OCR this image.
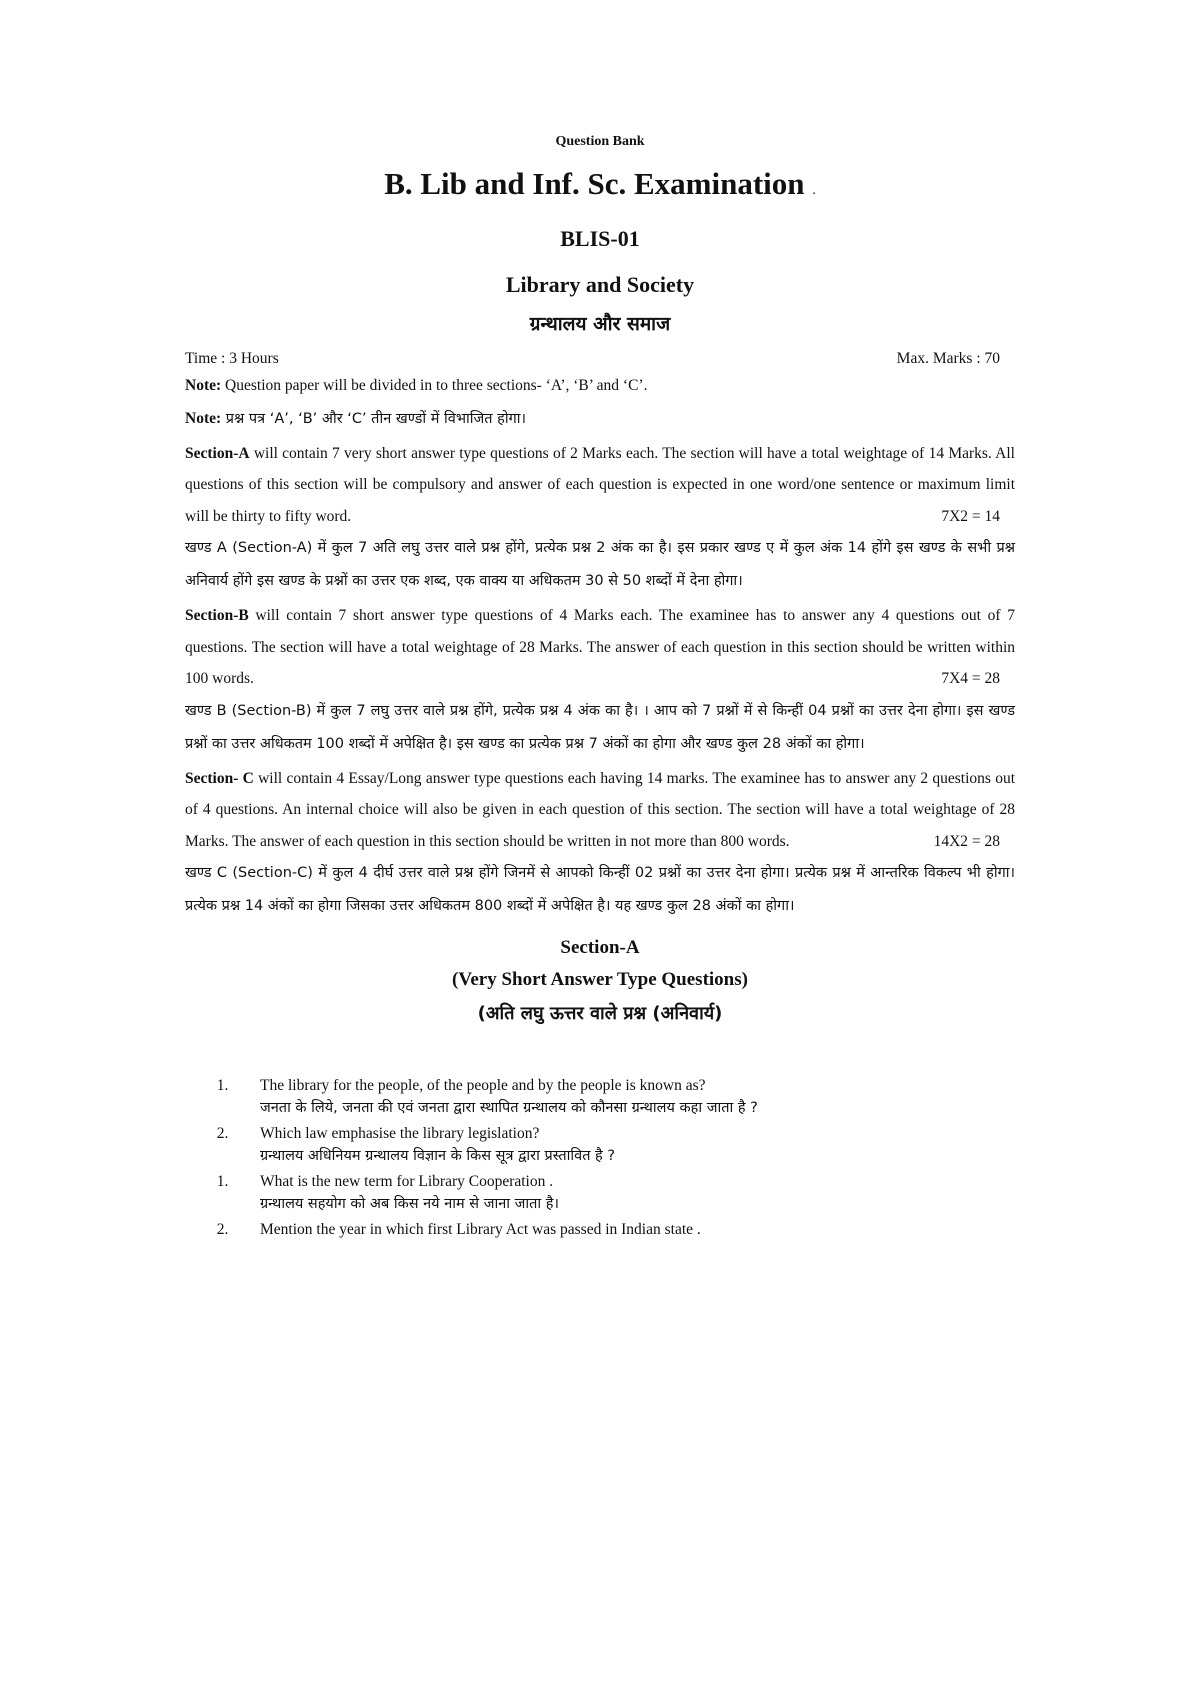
Question Bank
B. Lib and Inf. Sc. Examination .
BLIS-01
Library and Society
ग्रन्थालय और समाज
Time : 3 Hours	Max. Marks : 70
Note: Question paper will be divided in to three sections- ‘A’, ‘B’ and ‘C’.
Note: प्रश्न पत्र ‘A’, ‘B’ और ‘C’ तीन खण्डों में विभाजित होगा।
Section-A will contain 7 very short answer type questions of 2 Marks each. The section will have a total weightage of 14 Marks. All questions of this section will be compulsory and answer of each question is expected in one word/one sentence or maximum limit will be thirty to fifty word.	7X2 = 14
खण्ड A (Section-A) में कुल 7 अति लघु उत्तर वाले प्रश्न होंगे, प्रत्येक प्रश्न 2 अंक का है। इस प्रकार खण्ड ए में कुल अंक 14 होंगे इस खण्ड के सभी प्रश्न अनिवार्य होंगे इस खण्ड के प्रश्नों का उत्तर एक शब्द, एक वाक्य या अधिकतम 30 से 50 शब्दों में देना होगा।
Section-B will contain 7 short answer type questions of 4 Marks each. The examinee has to answer any 4 questions out of 7 questions. The section will have a total weightage of 28 Marks. The answer of each question in this section should be written within 100 words.	7X4 = 28
खण्ड B (Section-B) में कुल 7 लघु उत्तर वाले प्रश्न होंगे, प्रत्येक प्रश्न 4 अंक का है। । आप को 7 प्रश्नों में से किन्हीं 04 प्रश्नों का उत्तर देना होगा। इस खण्ड प्रश्नों का उत्तर अधिकतम 100 शब्दों में अपेक्षित है। इस खण्ड का प्रत्येक प्रश्न 7 अंकों का होगा और खण्ड कुल 28 अंकों का होगा।
Section- C will contain 4 Essay/Long answer type questions each having 14 marks. The examinee has to answer any 2 questions out of 4 questions. An internal choice will also be given in each question of this section. The section will have a total weightage of 28 Marks. The answer of each question in this section should be written in not more than 800 words.	14X2 = 28
खण्ड C (Section-C) में कुल 4 दीर्घ उत्तर वाले प्रश्न होंगे जिनमें से आपको किन्हीं 02 प्रश्नों का उत्तर देना होगा। प्रत्येक प्रश्न में आन्तरिक विकल्प भी होगा। प्रत्येक प्रश्न 14 अंकों का होगा जिसका उत्तर अधिकतम 800 शब्दों में अपेक्षित है। यह खण्ड कुल 28 अंकों का होगा।
Section-A
(Very Short Answer Type Questions)
(अति लघु ऊत्तर वाले प्रश्न (अनिवार्य)
1.	The library for the people, of the people and by the people is known as?
जनता के लिये, जनता की एवं जनता द्वारा स्थापित ग्रन्थालय को कौनसा ग्रन्थालय कहा जाता है ?
2.	Which law emphasise the library legislation?
ग्रन्थालय अधिनियम ग्रन्थालय विज्ञान के किस सूत्र द्वारा प्रस्तावित है ?
1.	What is the new term for Library Cooperation .
ग्रन्थालय सहयोग को अब किस नये नाम से जाना जाता है।
2.	Mention the year in which first Library Act was passed in Indian state .
